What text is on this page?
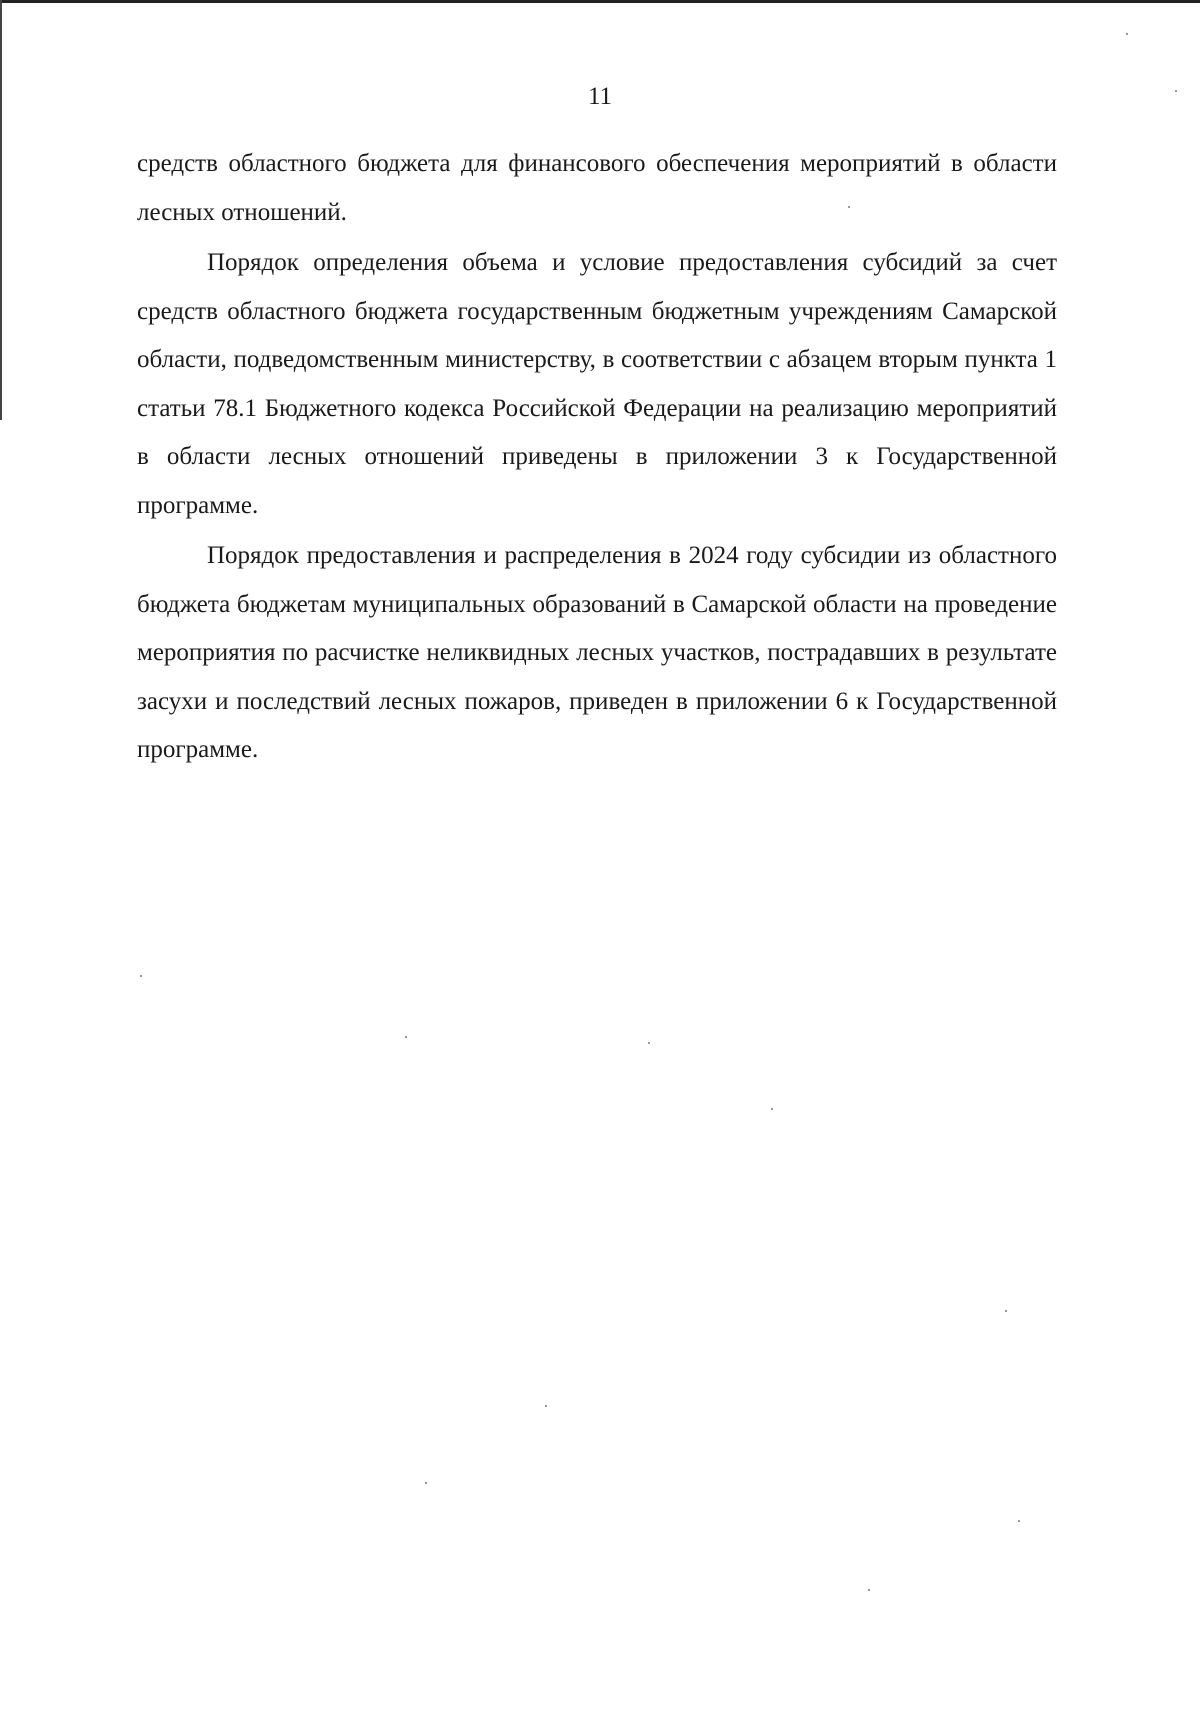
11

средств областного бюджета для финансового обеспечения мероприятий в области лесных отношений.

Порядок определения объема и условие предоставления субсидий за счет средств областного бюджета государственным бюджетным учреждениям Самарской области, подведомственным министерству, в соответствии с абзацем вторым пункта 1 статьи 78.1 Бюджетного кодекса Российской Федерации на реализацию мероприятий в области лесных отношений приведены в приложении 3 к Государственной программе.

Порядок предоставления и распределения в 2024 году субсидии из областного бюджета бюджетам муниципальных образований в Самарской области на проведение мероприятия по расчистке неликвидных лесных участков, пострадавших в результате засухи и последствий лесных пожаров, приведен в приложении 6 к Государственной программе.
